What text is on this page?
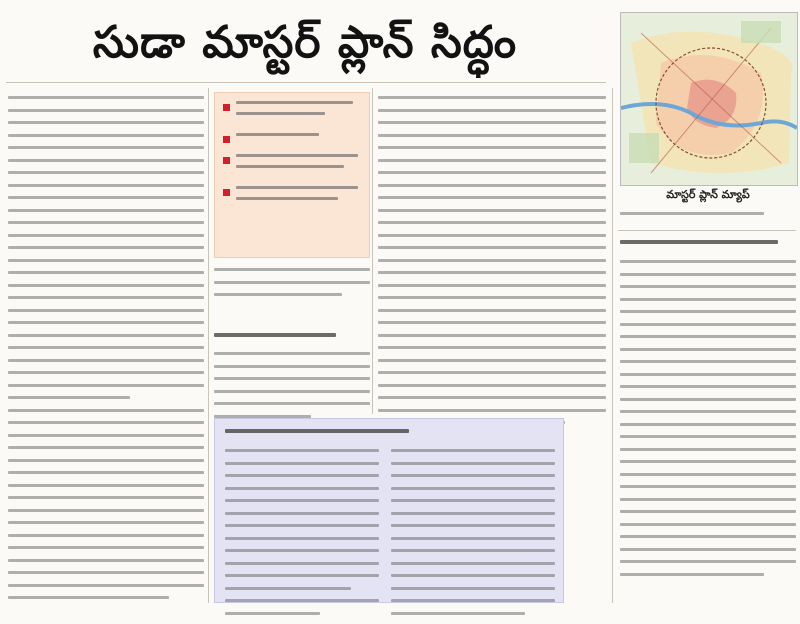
సుడా మాస్టర్ ప్లాన్ సిద్ధం
మాస్టర్ ప్లాన్ మ్యాప్
